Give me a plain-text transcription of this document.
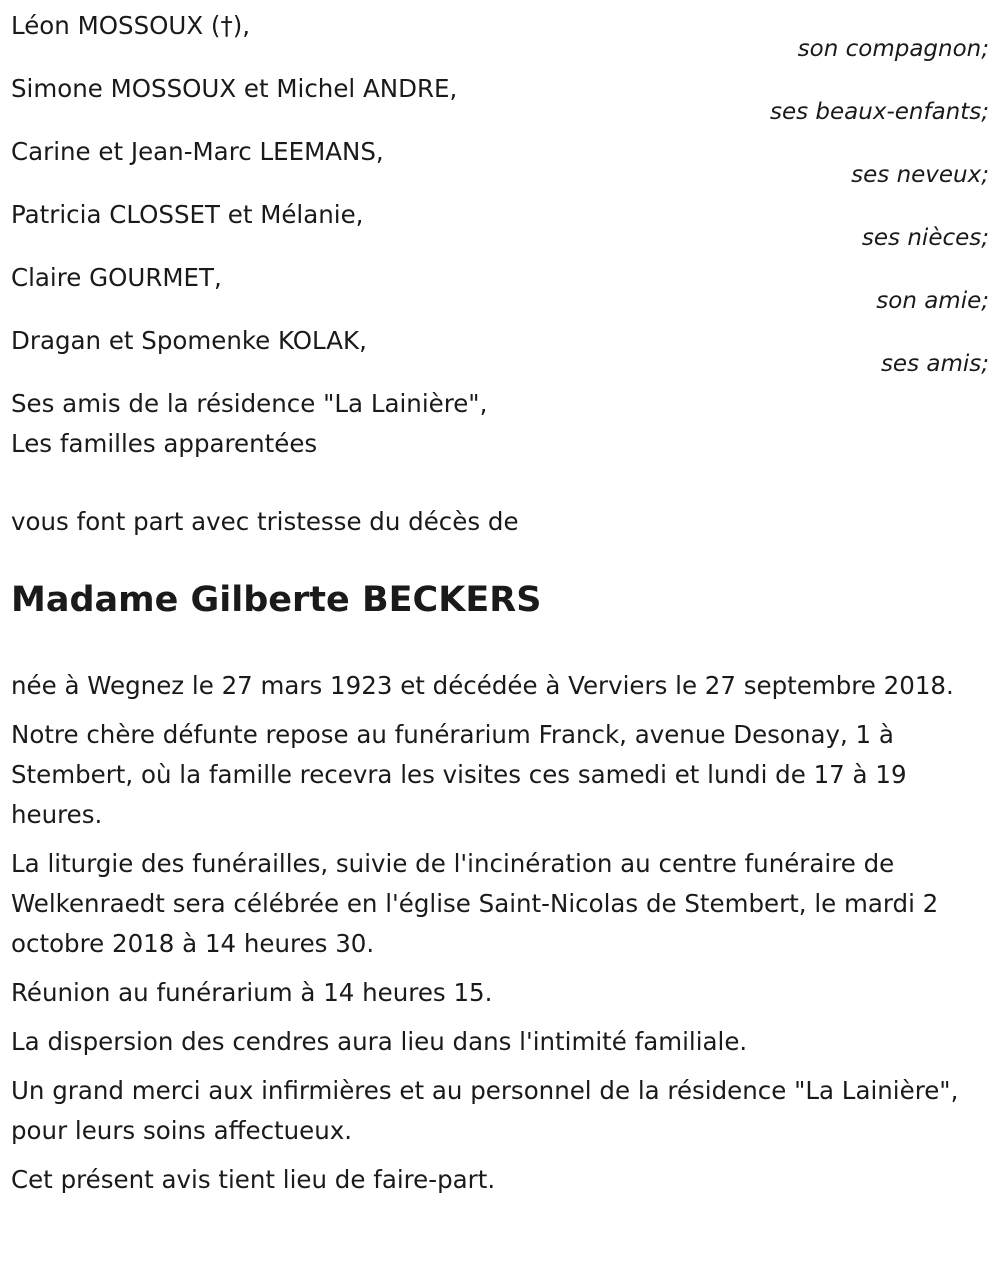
Léon MOSSOUX (†),
son compagnon;
Simone MOSSOUX et Michel ANDRE,
ses beaux-enfants;
Carine et Jean-Marc LEEMANS,
ses neveux;
Patricia CLOSSET et Mélanie,
ses nièces;
Claire GOURMET,
son amie;
Dragan et Spomenke KOLAK,
ses amis;
Ses amis de la résidence "La Lainière",
Les familles apparentées
vous font part avec tristesse du décès de
Madame Gilberte BECKERS

née à Wegnez le 27 mars 1923 et décédée à Verviers le 27 septembre 2018.

Notre chère défunte repose au funérarium Franck, avenue Desonay, 1 à Stembert, où la famille recevra les visites ces samedi et lundi de 17 à 19 heures.

La liturgie des funérailles, suivie de l'incinération au centre funéraire de Welkenraedt sera célébrée en l'église Saint-Nicolas de Stembert, le mardi 2 octobre 2018 à 14 heures 30.

Réunion au funérarium à 14 heures 15.

La dispersion des cendres aura lieu dans l'intimité familiale.

Un grand merci aux infirmières et au personnel de la résidence "La Lainière", pour leurs soins affectueux.

Cet présent avis tient lieu de faire-part.
